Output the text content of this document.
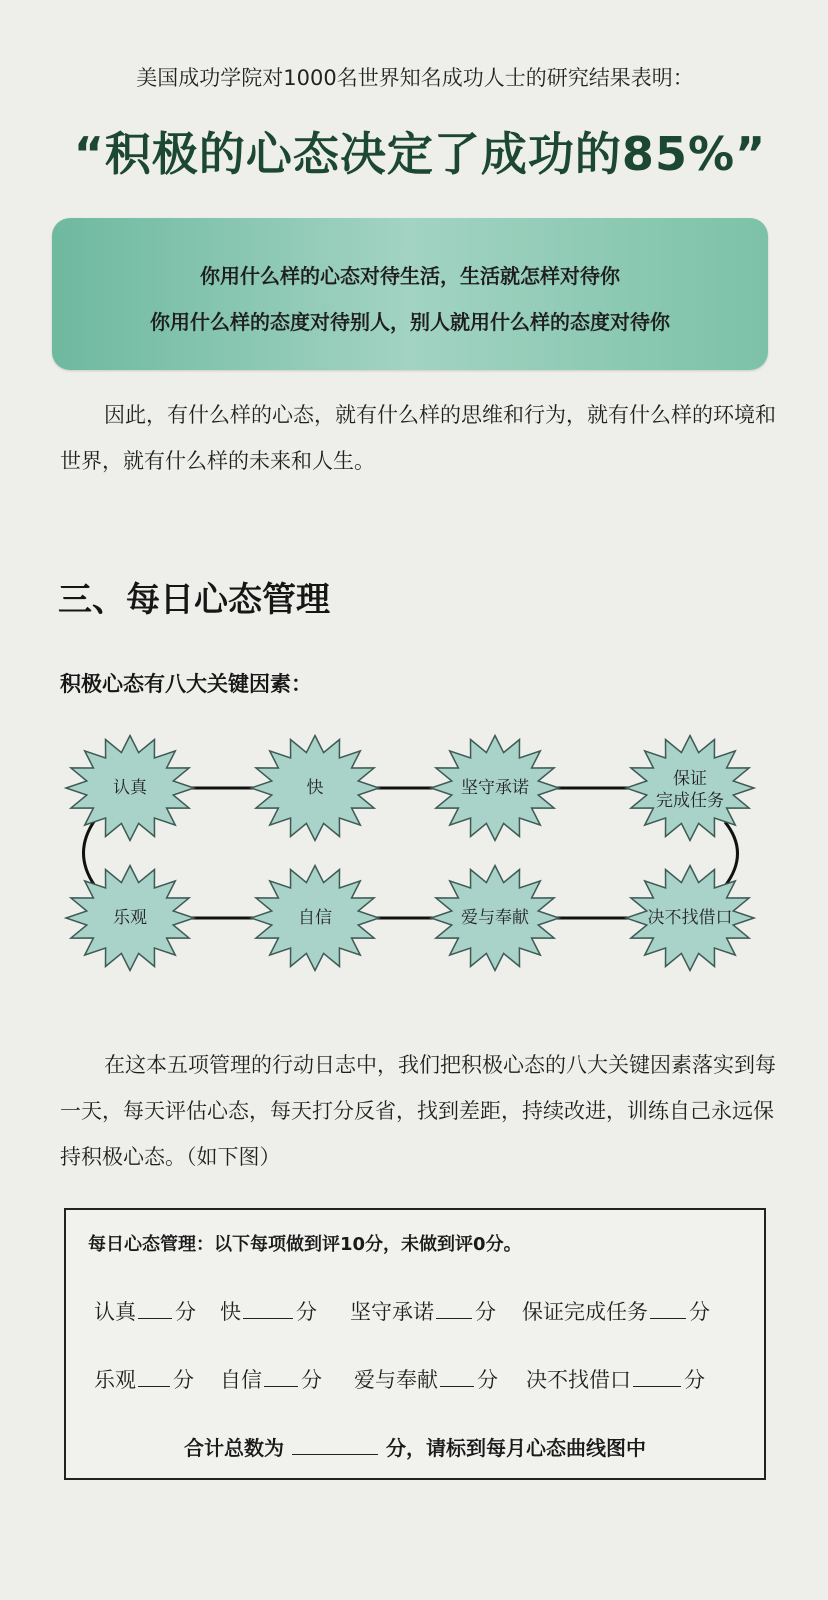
美国成功学院对1000名世界知名成功人士的研究结果表明：
“积极的心态决定了成功的85%”
你用什么样的心态对待生活，生活就怎样对待你
你用什么样的态度对待别人，别人就用什么样的态度对待你
因此，有什么样的心态，就有什么样的思维和行为，就有什么样的环境和世界，就有什么样的未来和人生。
三、每日心态管理
积极心态有八大关键因素：
认真	快	坚守承诺	保证
完成任务
乐观	自信	爱与奉献	决不找借口
在这本五项管理的行动日志中，我们把积极心态的八大关键因素落实到每一天，每天评估心态，每天打分反省，找到差距，持续改进，训练自己永远保持积极心态。（如下图）
每日心态管理：以下每项做到评10分，未做到评0分。
认真 分 快	分 坚守承诺 分 保证完成任务 分
乐观 分 自信 分 爱与奉献 分 决不找借口	分
合计总数为	分，请标到每月心态曲线图中
